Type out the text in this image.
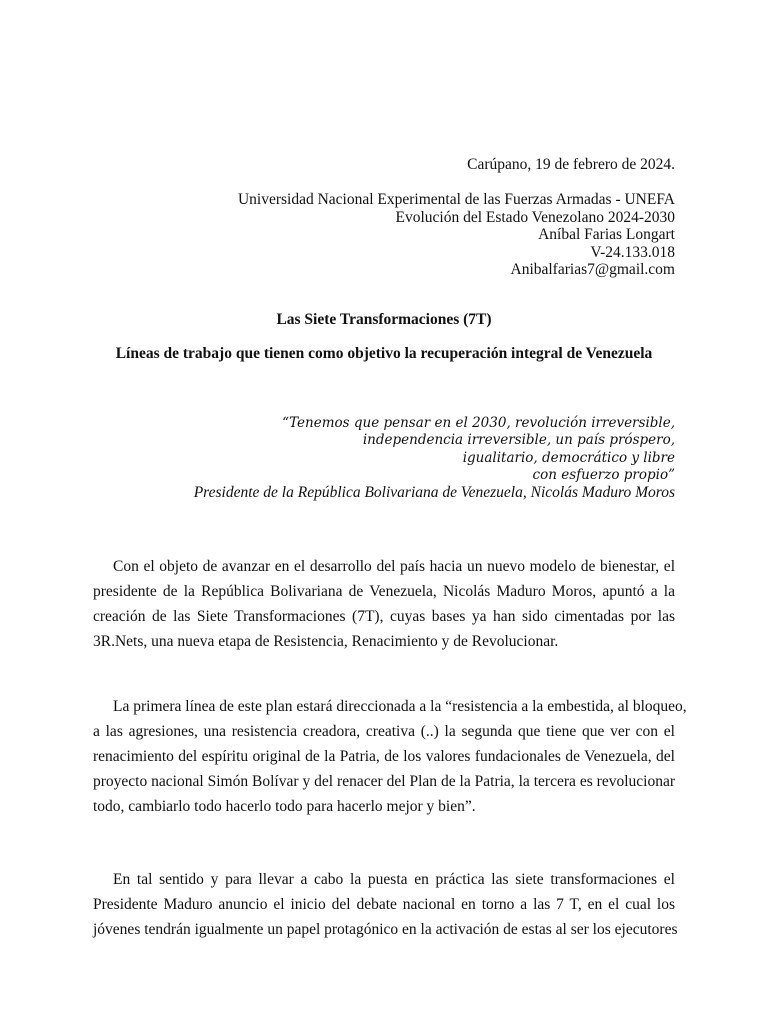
Carúpano, 19 de febrero de 2024.
Universidad Nacional Experimental de las Fuerzas Armadas - UNEFA
Evolución del Estado Venezolano 2024-2030
Aníbal Farias Longart
V-24.133.018
Anibalfarias7@gmail.com
Las Siete Transformaciones (7T)
Líneas de trabajo que tienen como objetivo la recuperación integral de Venezuela
“Tenemos que pensar en el 2030, revolución irreversible,
independencia irreversible, un país próspero,
igualitario, democrático y libre
con esfuerzo propio”
Presidente de la República Bolivariana de Venezuela, Nicolás Maduro Moros
Con el objeto de avanzar en el desarrollo del país hacia un nuevo modelo de bienestar, el
presidente de la República Bolivariana de Venezuela, Nicolás Maduro Moros, apuntó a la
creación de las Siete Transformaciones (7T), cuyas bases ya han sido cimentadas por las
3R.Nets, una nueva etapa de Resistencia, Renacimiento y de Revolucionar.
La primera línea de este plan estará direccionada a la “resistencia a la embestida, al bloqueo,
a las agresiones, una resistencia creadora, creativa (..) la segunda que tiene que ver con el
renacimiento del espíritu original de la Patria, de los valores fundacionales de Venezuela, del
proyecto nacional Simón Bolívar y del renacer del Plan de la Patria, la tercera es revolucionar
todo, cambiarlo todo hacerlo todo para hacerlo mejor y bien”.
En tal sentido y para llevar a cabo la puesta en práctica las siete transformaciones el
Presidente Maduro anuncio el inicio del debate nacional en torno a las 7 T, en el cual los
jóvenes tendrán igualmente un papel protagónico en la activación de estas al ser los ejecutores
